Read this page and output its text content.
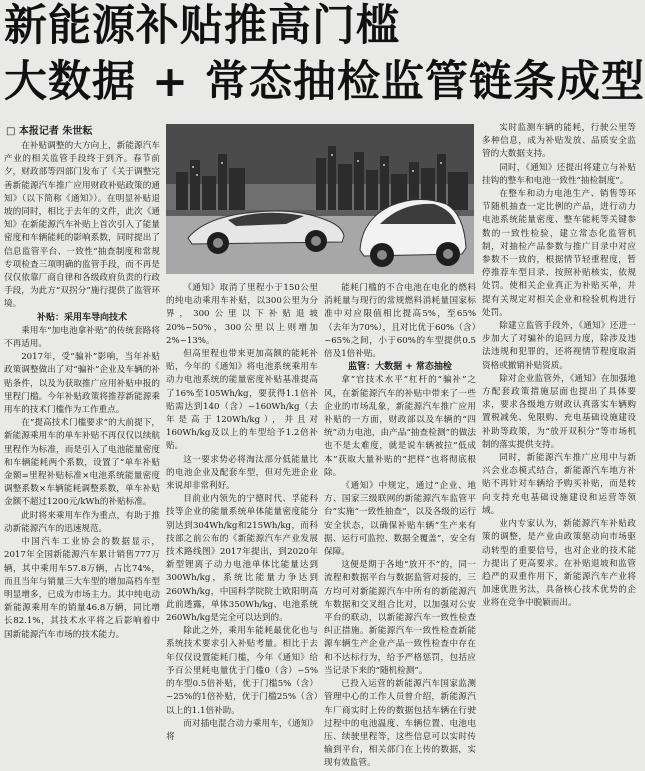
新能源补贴推高门槛
大数据 + 常态抽检监管链条成型
□ 本报记者 朱世耘

在补贴调整的大方向上，新能源汽车产业的相关监管手段终于到齐。春节前夕，财政部等四部门发布了《关于调整完善新能源汽车推广应用财政补贴政策的通知》（以下简称《通知》）。在明显补贴退坡的同时，相比于去年的文件，此次《通知》在新能源汽车补贴上首次引入了能量密度和车辆能耗的影响系数，同时提出了信息监管平台、一致性“抽查制度和常规专项检查三项明确的监管手段，而不再是仅仅依靠厂商自律和各级政府负责的行政手段，为此方“双拐分”施行提供了监管环境。

补贴：采用车导向技术

乘用车“加电池拿补贴”的传统套路将不再适用。

2017年，受“骗补”影响，当年补贴政策调整做出了对“骗补”企业及车辆的补贴条件，以及为获取推广应用补贴申报的里程门槛。今年补贴政策将推荐新能源乘用车的技术门槛作为工作重点。

在“提高技术门槛要求”的大前提下，新能源乘用车的单车补贴不再仅仅以续航里程作为标准，而是引入了电池能量密度和车辆能耗两个系数，设置了“单车补贴金额=里程补贴标准×电池系统能量密度调整系数×车辆能耗调整系数，单车补贴金额不超过1200元/kWh的补贴标准。

此时将来乘用车作为重点，有助于推动新能源汽车的迅速规范。

中国汽车工业协会的数据显示，2017年全国新能源汽车累计销售777万辆，其中乘用车57.8万辆，占比74%，而且当年与销量三大车型的增加高档车型明显增多，已成为市场主力。其中纯电动新能源乘用车的销量46.8万辆，同比增长82.1%，其技术水平将之后影响着中国新能源汽车市场的技术能力。

《通知》取消了里程小于150公里的纯电动乘用车补贴，以300公里为分界，300公里以下补贴退坡20%~50%，300公里以上则增加2%~13%。

但高里程也带来更加高额的能耗补贴，今年的《通知》将电池系统乘用车动力电池系统的能量密度补贴基准提高了16%至105Wh/kg，要获得1.1倍补贴需达到140（含）~160Wh/kg（去年是高于120Wh/kg），并且对160Wh/kg及以上的车型给予1.2倍补贴。

这一要求势必将淘汰部分低能量比的电池企业及配套车型，但对先进企业来说却非常利好。

目前业内领先的宁德时代、孚能科技等企业的能量系统单体能量密度能分别达到304Wh/kg和215Wh/kg，而科技部之前公布的《新能源汽车产业发展技术路线图》2017年提出，到2020年新型锂离子动力电池单体比能量达到300Wh/kg，系统比能量力争达到260Wh/kg，中国科学院院士欧阳明高此前透露，单体350Wh/kg、电池系统260Wh/kg是完全可以达到的。

除此之外，乘用车能耗最优化也与系统技术要求引入补贴考量。相比于去年仅仅设置能耗门槛，今年《通知》给予百公里耗电量优于门槛0（含）~5%的车型0.5倍补贴，优于门槛5%（含）~25%的1倍补贴，优于门槛25%（含）以上的1.1倍补助。

而对插电混合动力乘用车，《通知》将

能耗门槛的不合电池在电化的燃料消耗量与现行的常规燃料消耗量国家标准中对应限值相比提高5%，至65%（去年为70%），且对比优于60%（含）~65%之间，小于60%的车型提供0.5倍及1倍补贴。

监管：大数据 + 常态抽检

拿“官技术水平”杠杆的“骗补”之风，在新能源汽车的补贴中带来了一些企业的市场乱象，新能源汽车推广应用补贴的一方面，财政部以及车辆的“四统”动力电池，由产品“抽查检测”的做法也不是太难度，就是说车辆被拉“低成本”获取大量补贴的“把样”也将彻底根除。

《通知》中规定，通过“企业、地方、国家三级联网的新能源汽车监管平台”实施“一致性抽查”，以及各级的运行安全状态，以确保补贴车辆“生产来有据、运行可监控、数据全覆盖”，安全有保障。

这便是期于各地“放开不”的，同一流程和数据平台与数据监管对接的，三方均可对新能源汽车中所有的新能源汽车数据和交叉组合比对，以加强对公安平台的联动，以新能源汽车一致性检查纠正措施。新能源汽车一致性检查新能源车辆生产企业产品一致性检查中存在和不达标行为，给予严格惩罚，包括应当记录下来的“随机检测”。

已投入运营的新能源汽车国家监测管理中心的工作人员曾介绍，新能源汽车厂商实时上传的数据包括车辆在行驶过程中的电池温度、车辆位置、电池电压、续驶里程等，这些信息可以实时传输到平台，相关部门在上传的数据，实现有效监管。

实时监测车辆的能耗，行驶公里等多种信息，成为补贴发放、品质安全监管的大数据支持。

同时，《通知》还提出将建立与补贴挂钩的整车和电池一致性“抽检制度”。

在整车和动力电池生产、销售等环节随机抽查一定比例的产品，进行动力电池系统能量密度、整车能耗等关键参数的一致性检验，建立常态化监管机制，对抽检产品参数与推广目录中对应参数不一致的，根据情节轻重程度，暂停推荐车型目录、按照补贴核实，依规处罚。使相关企业真正为补贴买单，并提有关规定对相关企业和检验机构进行处罚。

除建立监管手段外，《通知》还进一步加大了对骗补的追回力度，除涉及违法违规和犯罪的，还将视情节程度取消资格或撤销补贴资质。

除对企业监管外，《通知》在加强地方配套政策措施层面也提出了具体要求，要求各级地方财政认真落实车辆购置税减免、免限购、充电基础设施建设补助等政策，为“放开双积分”等市场机制的落实提供支持。

同时，新能源汽车推广应用中与新兴会业态模式结合，新能源汽车地方补贴不再针对车辆给予购买补贴，而是转向支持充电基础设施建设和运营等领域。

业内专家认为，新能源汽车补贴政策的调整，是产业由政策驱动向市场驱动转型的重要信号，也对企业的技术能力提出了更高要求。在补贴退坡和监管趋严的双重作用下，新能源汽车产业将加速优胜劣汰，具备核心技术优势的企业将在竞争中脱颖而出。
